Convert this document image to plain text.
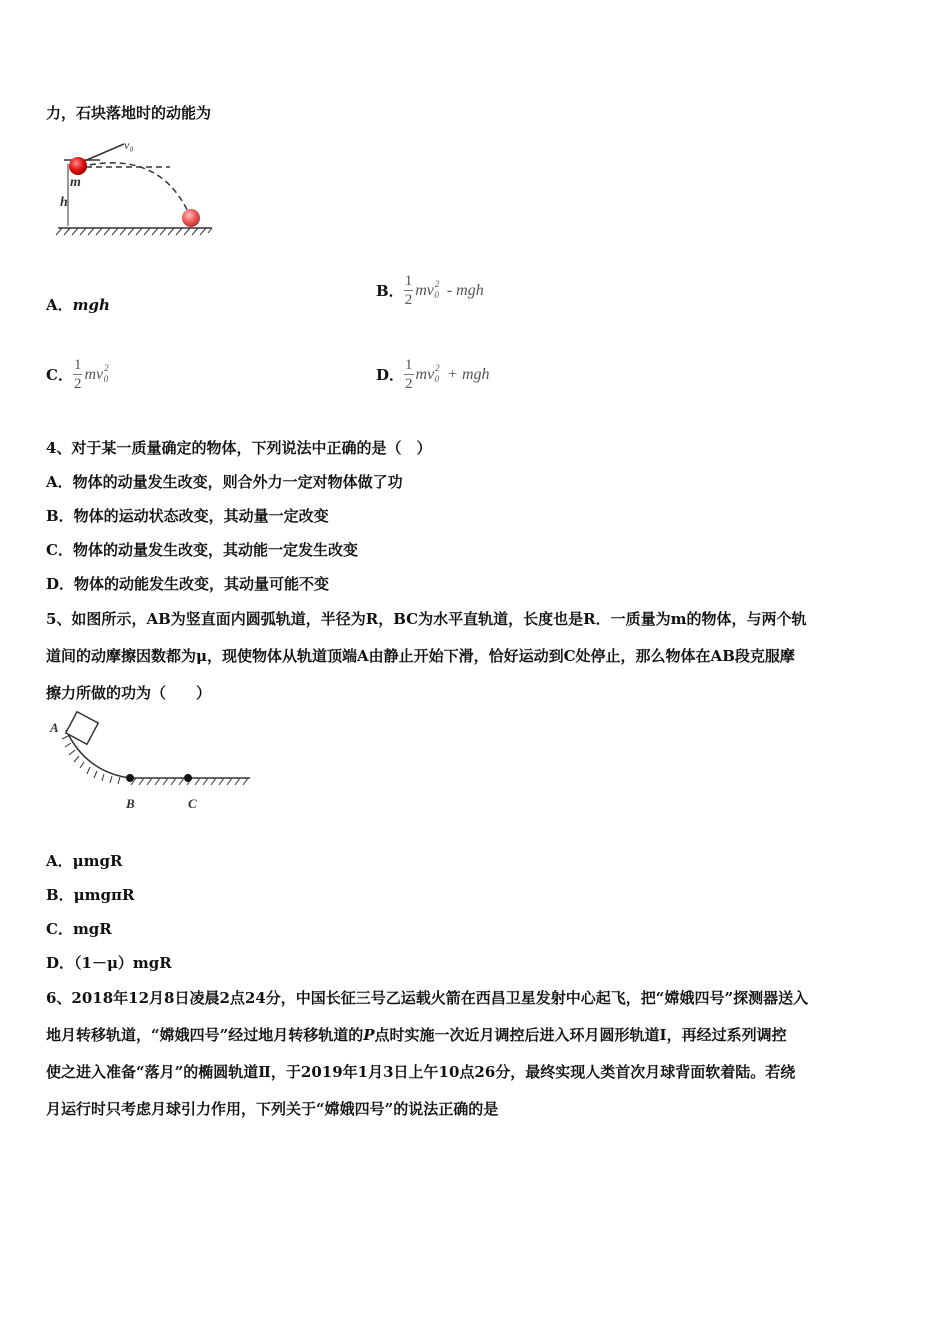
力，石块落地时的动能为
v₀
m
h
A．mgh
B． $\frac{1}{2} mv^20$ - mgh
C． $\frac{1}{2} mv^20$	D． $\frac{1}{2} mv^20$ + mgh
4、对于某一质量确定的物体，下列说法中正确的是（　）
A．物体的动量发生改变，则合外力一定对物体做了功
B．物体的运动状态改变，其动量一定改变
C．物体的动量发生改变，其动能一定发生改变
D．物体的动能发生改变，其动量可能不变
5、如图所示，AB为竖直面内圆弧轨道，半径为R，BC为水平直轨道，长度也是R．一质量为m的物体，与两个轨
道间的动摩擦因数都为μ，现使物体从轨道顶端A由静止开始下滑，恰好运动到C处停止，那么物体在AB段克服摩
擦力所做的功为（　　）
A
B	C
A．μmgR
B．μmgπR
C．mgR
D．（1－μ）mgR
6、2018年12月8日凌晨2点24分，中国长征三号乙运载火箭在西昌卫星发射中心起飞，把“嫦娥四号”探测器送入
地月转移轨道，“嫦娥四号”经过地月转移轨道的P点时实施一次近月调控后进入环月圆形轨道Ⅰ，再经过系列调控
使之进入准备“落月”的椭圆轨道Ⅱ，于2019年1月3日上午10点26分，最终实现人类首次月球背面软着陆。若绕
月运行时只考虑月球引力作用，下列关于“嫦娥四号”的说法正确的是
